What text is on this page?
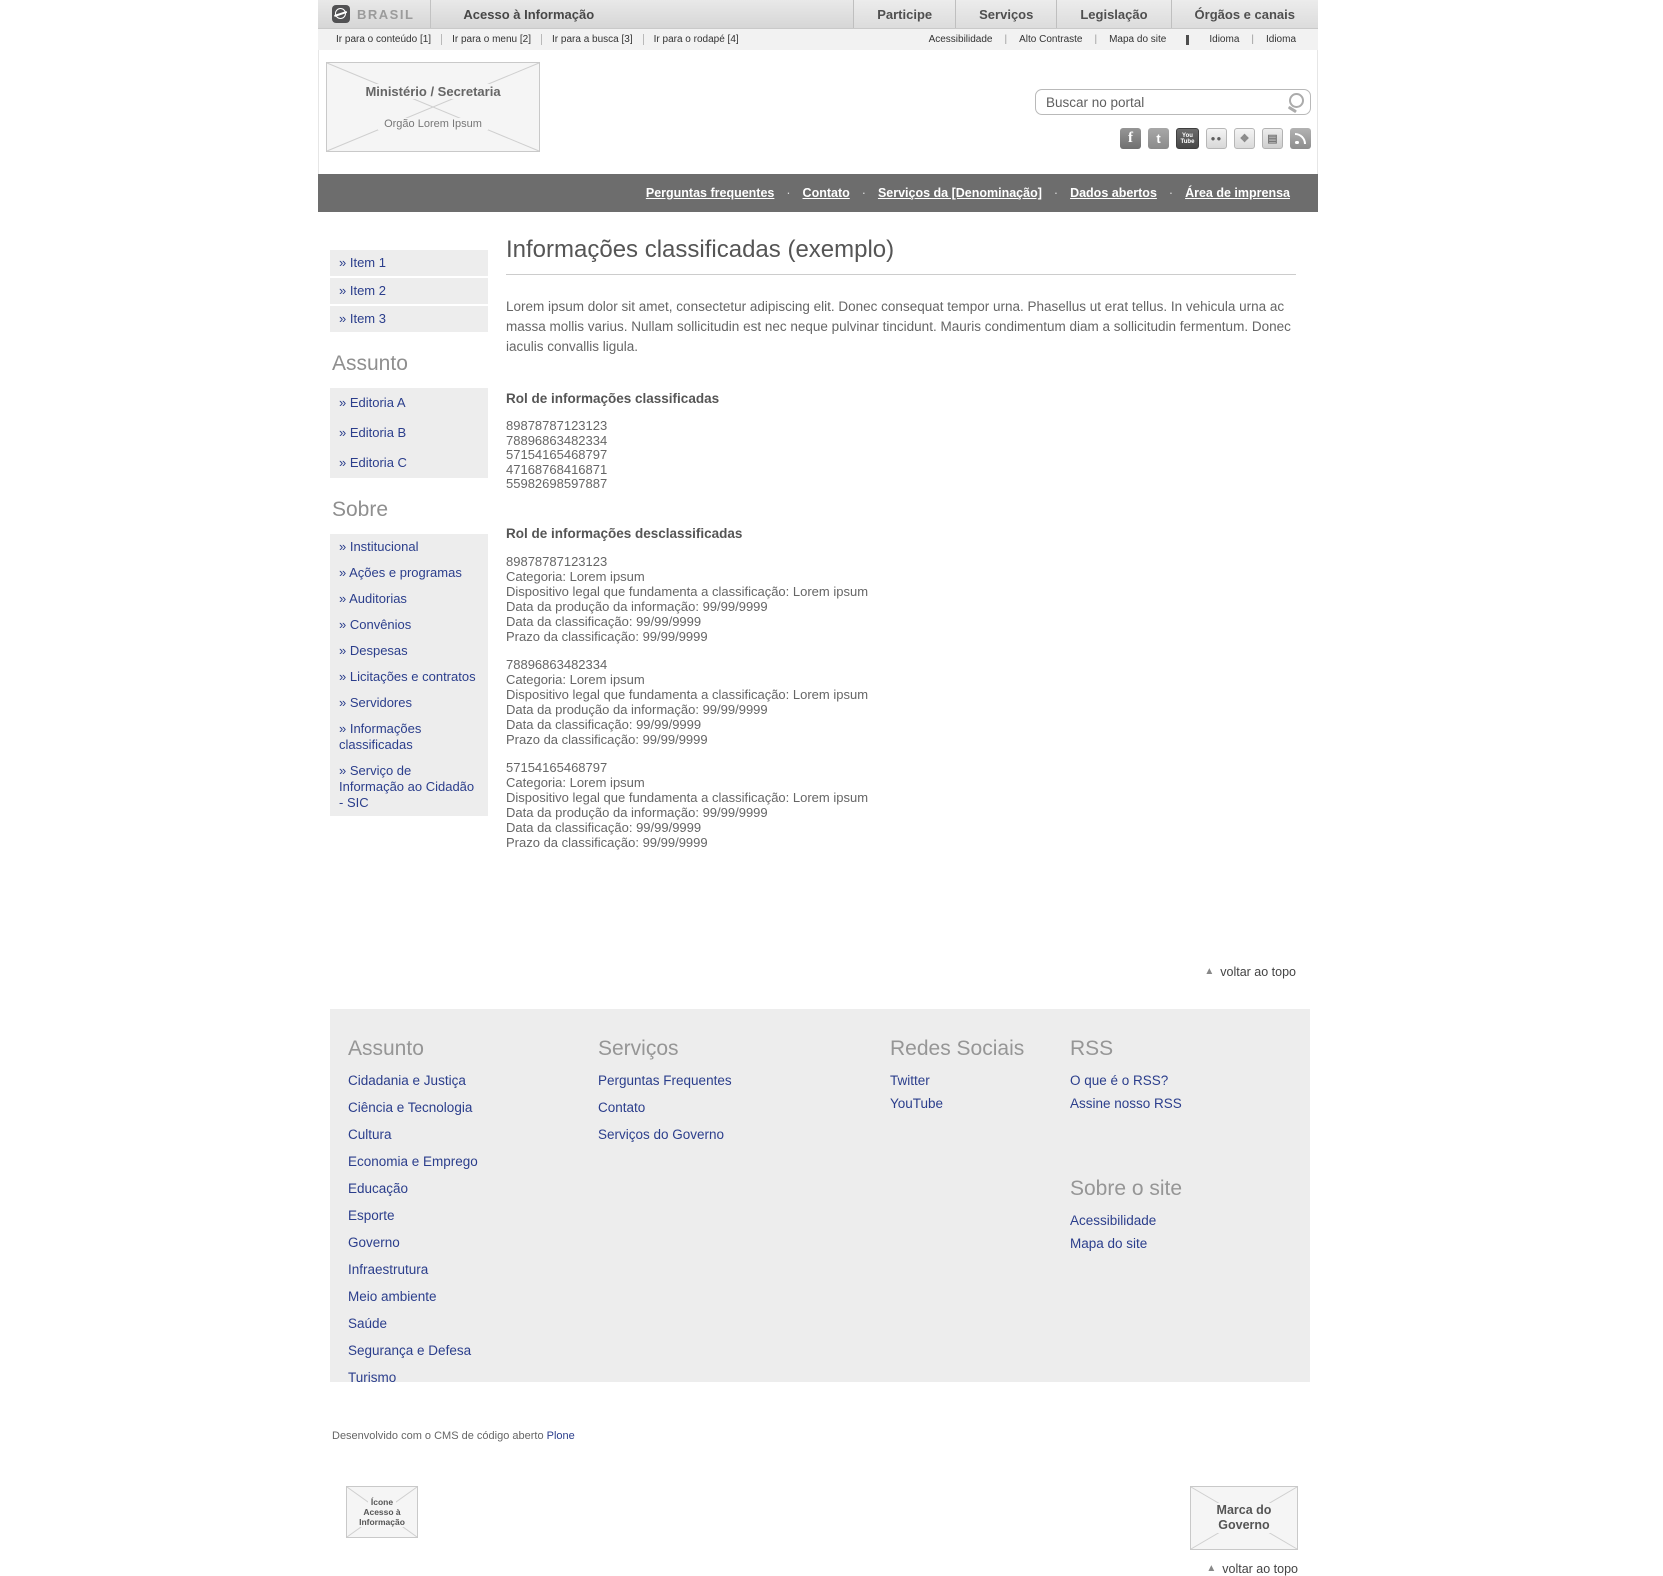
BRASIL	Acesso à Informação	Participe	Serviços	Legislação	Órgãos e canais
Ir para o conteúdo [1]	Ir para o menu [2]	Ir para a busca [3]	Ir para o rodapé [4]	Acessibilidade	|	Alto Contraste	|	Mapa do site	Idioma	|	Idioma
Ministério / Secretaria
Orgão Lorem Ipsum
Buscar no portal
f	t	You Tube	●●	❖	▤
Perguntas frequentes · Contato · Serviços da [Denominação] · Dados abertos · Área de imprensa
» Item 1
» Item 2
» Item 3
Assunto
» Editoria A
» Editoria B
» Editoria C
Sobre
» Institucional
» Ações e programas
» Auditorias
» Convênios
» Despesas
» Licitações e contratos
» Servidores
» Informações classificadas
» Serviço de Informação ao Cidadão - SIC
Informações classificadas (exemplo)
Lorem ipsum dolor sit amet, consectetur adipiscing elit. Donec consequat tempor urna. Phasellus ut erat tellus. In vehicula urna ac
massa mollis varius. Nullam sollicitudin est nec neque pulvinar tincidunt. Mauris condimentum diam a sollicitudin fermentum. Donec
iaculis convallis ligula.
Rol de informações classificadas
89878787123123
78896863482334
57154165468797
47168768416871
55982698597887
Rol de informações desclassificadas
89878787123123
Categoria: Lorem ipsum
Dispositivo legal que fundamenta a classificação: Lorem ipsum
Data da produção da informação: 99/99/9999
Data da classificação: 99/99/9999
Prazo da classificação: 99/99/9999
78896863482334
Categoria: Lorem ipsum
Dispositivo legal que fundamenta a classificação: Lorem ipsum
Data da produção da informação: 99/99/9999
Data da classificação: 99/99/9999
Prazo da classificação: 99/99/9999
57154165468797
Categoria: Lorem ipsum
Dispositivo legal que fundamenta a classificação: Lorem ipsum
Data da produção da informação: 99/99/9999
Data da classificação: 99/99/9999
Prazo da classificação: 99/99/9999
▲ voltar ao topo
Assunto
Cidadania e Justiça
Ciência e Tecnologia
Cultura
Economia e Emprego
Educação
Esporte
Governo
Infraestrutura
Meio ambiente
Saúde
Segurança e Defesa
Turismo
Serviços
Perguntas Frequentes
Contato
Serviços do Governo
Redes Sociais
Twitter
YouTube
RSS
O que é o RSS?
Assine nosso RSS
Sobre o site
Acessibilidade
Mapa do site
Desenvolvido com o CMS de código aberto Plone
Ícone
Acesso à
Informação
Marca do
Governo
▲ voltar ao topo
